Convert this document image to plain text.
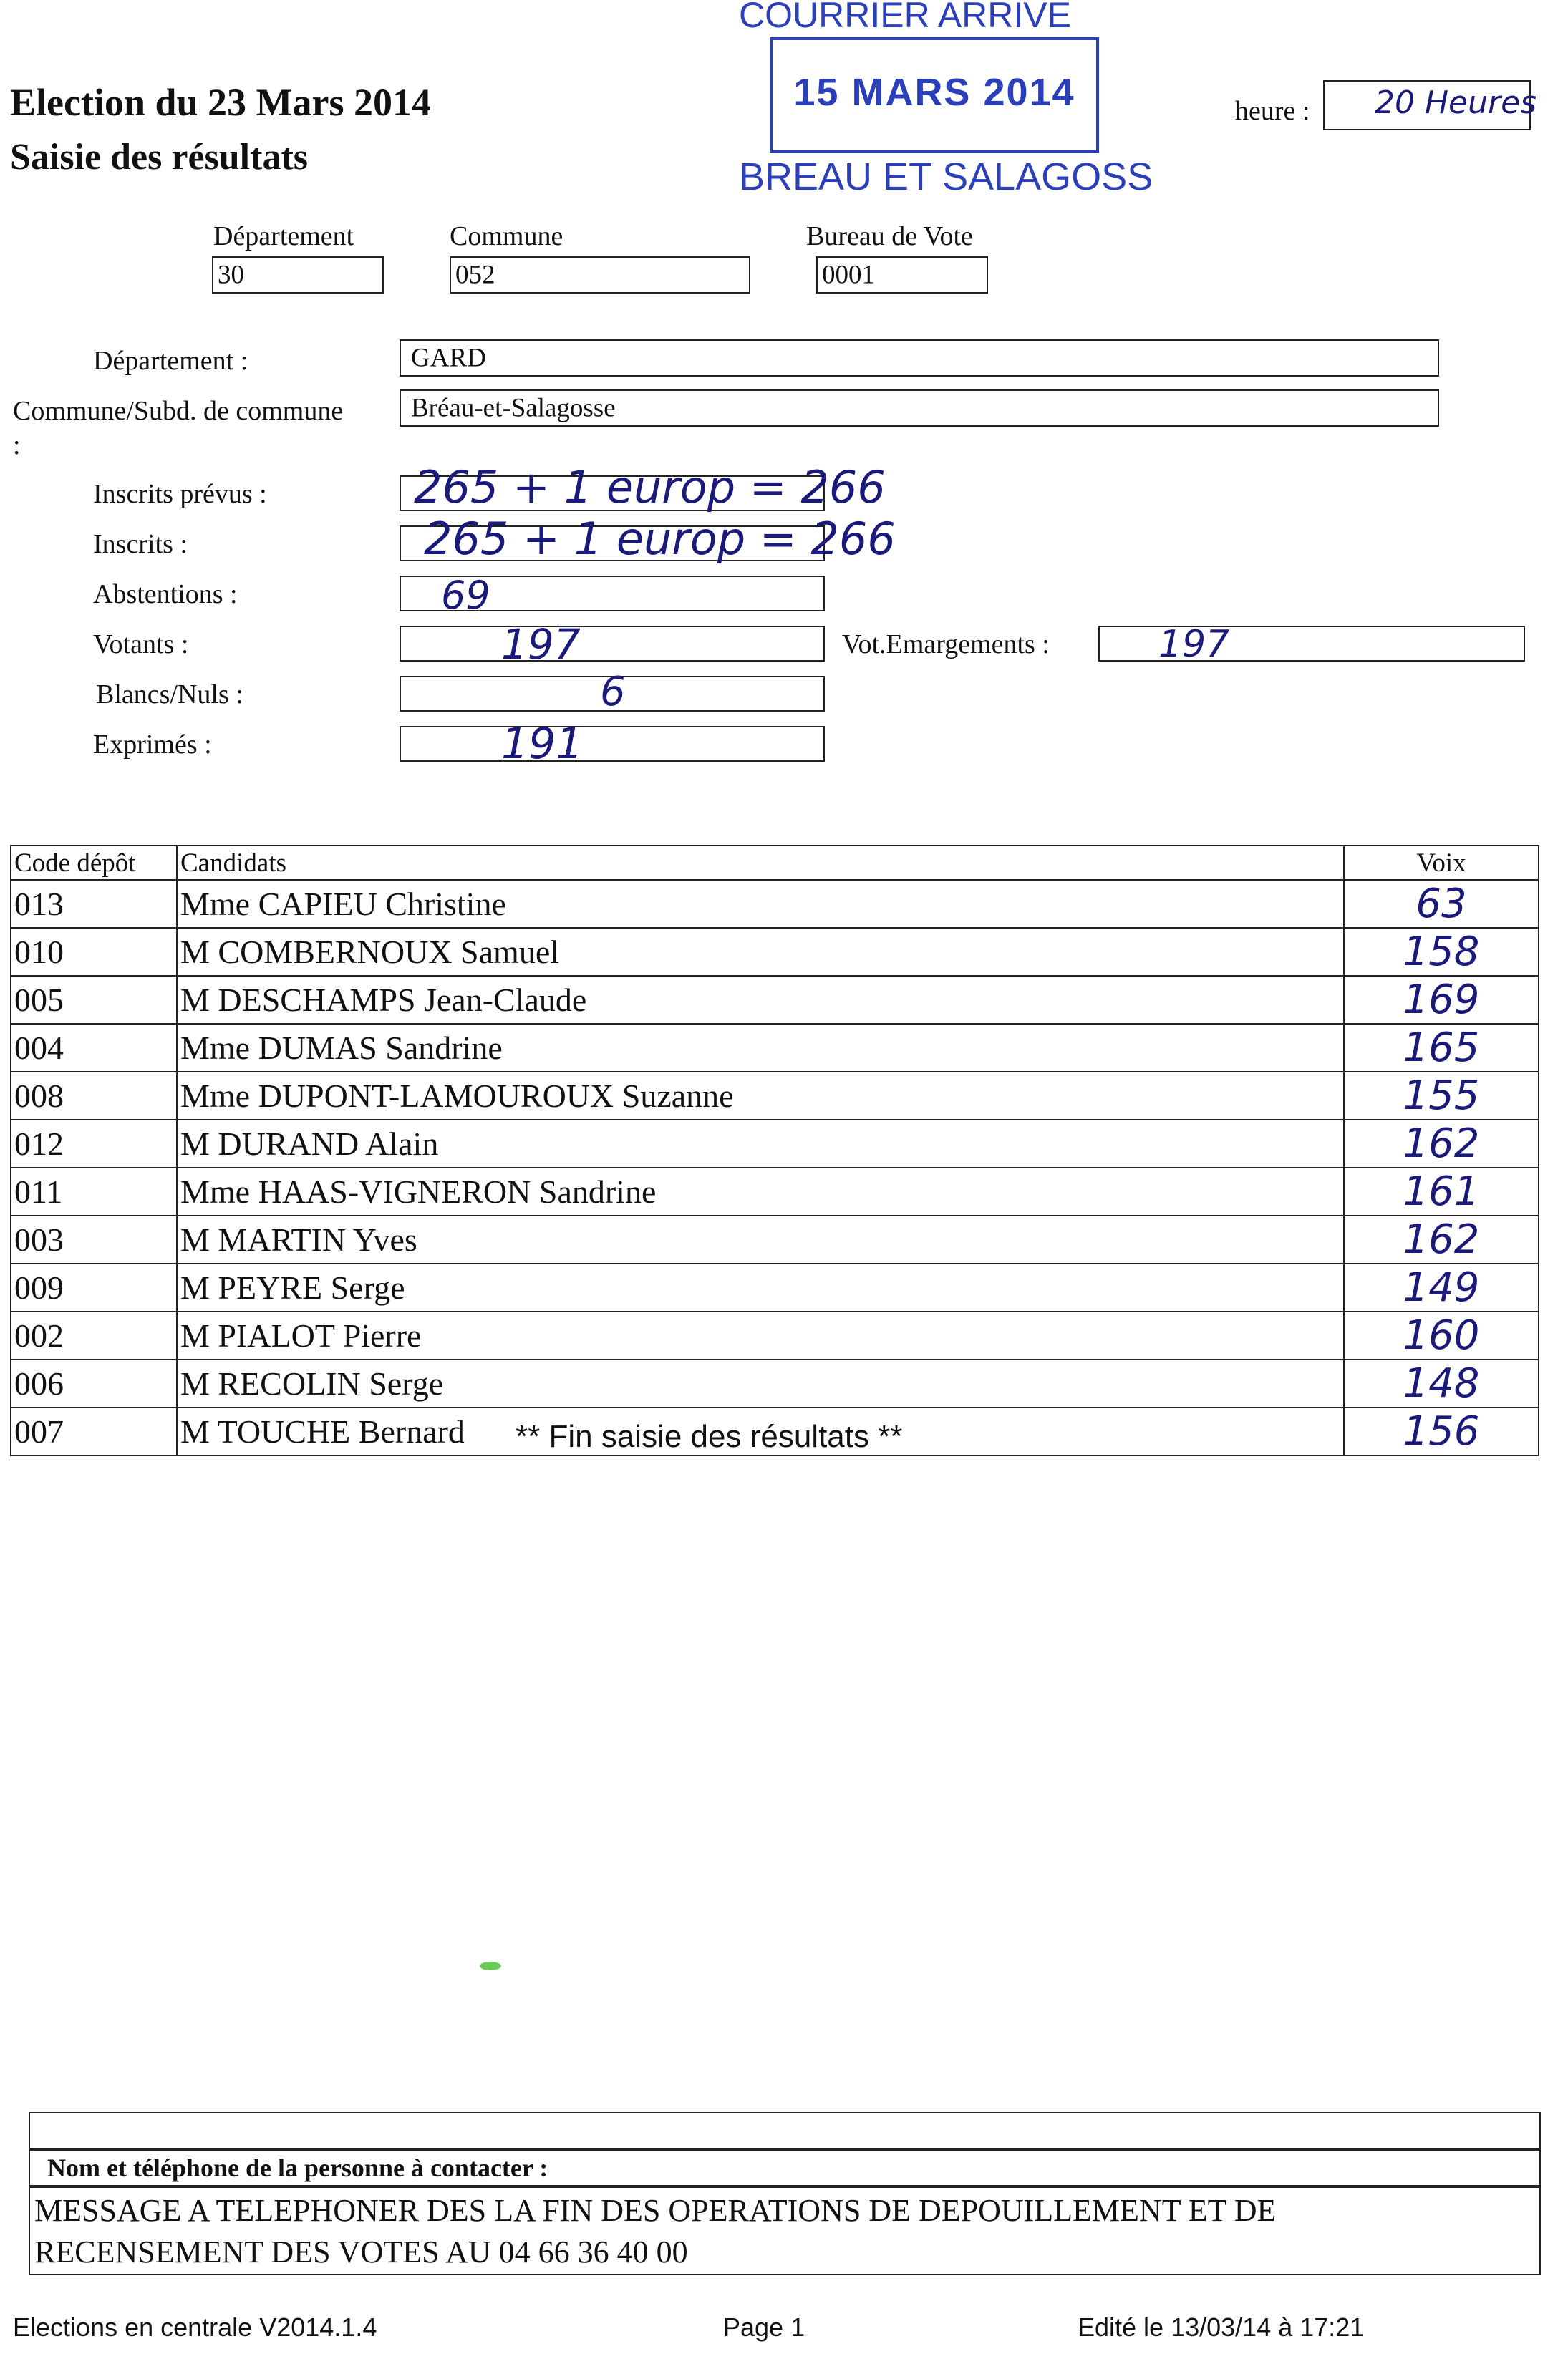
Election du 23 Mars 2014
Saisie des résultats
COURRIER ARRIVE
15 MARS 2014
BREAU ET SALAGOSS
heure : 20 Heures
Département
30
Commune
052
Bureau de Vote
0001
Département :	GARD
Commune/Subd. de commune
:
Bréau-et-Salagosse
Inscrits prévus :	265 + 1 europ = 266
Inscrits :	265 + 1 europ = 266
Abstentions :	69
Votants :	197	Vot.Emargements :	197
Blancs/Nuls :	6
Exprimés :	191
Code dépôt	Candidats	Voix
013	Mme CAPIEU Christine	63
010	M COMBERNOUX Samuel	158
005	M DESCHAMPS Jean-Claude	169
004	Mme DUMAS Sandrine	165
008	Mme DUPONT-LAMOUROUX Suzanne	155
012	M DURAND Alain	162
011	Mme HAAS-VIGNERON Sandrine	161
003	M MARTIN Yves	162
009	M PEYRE Serge	149
002	M PIALOT Pierre	160
006	M RECOLIN Serge	148
007	M TOUCHE Bernard	156
** Fin saisie des résultats **
Nom et téléphone de la personne à contacter :
MESSAGE A TELEPHONER DES LA FIN DES OPERATIONS DE DEPOUILLEMENT ET DE
RECENSEMENT DES VOTES AU 04 66 36 40 00
Elections en centrale V2014.1.4	Page 1	Edité le 13/03/14 à 17:21
